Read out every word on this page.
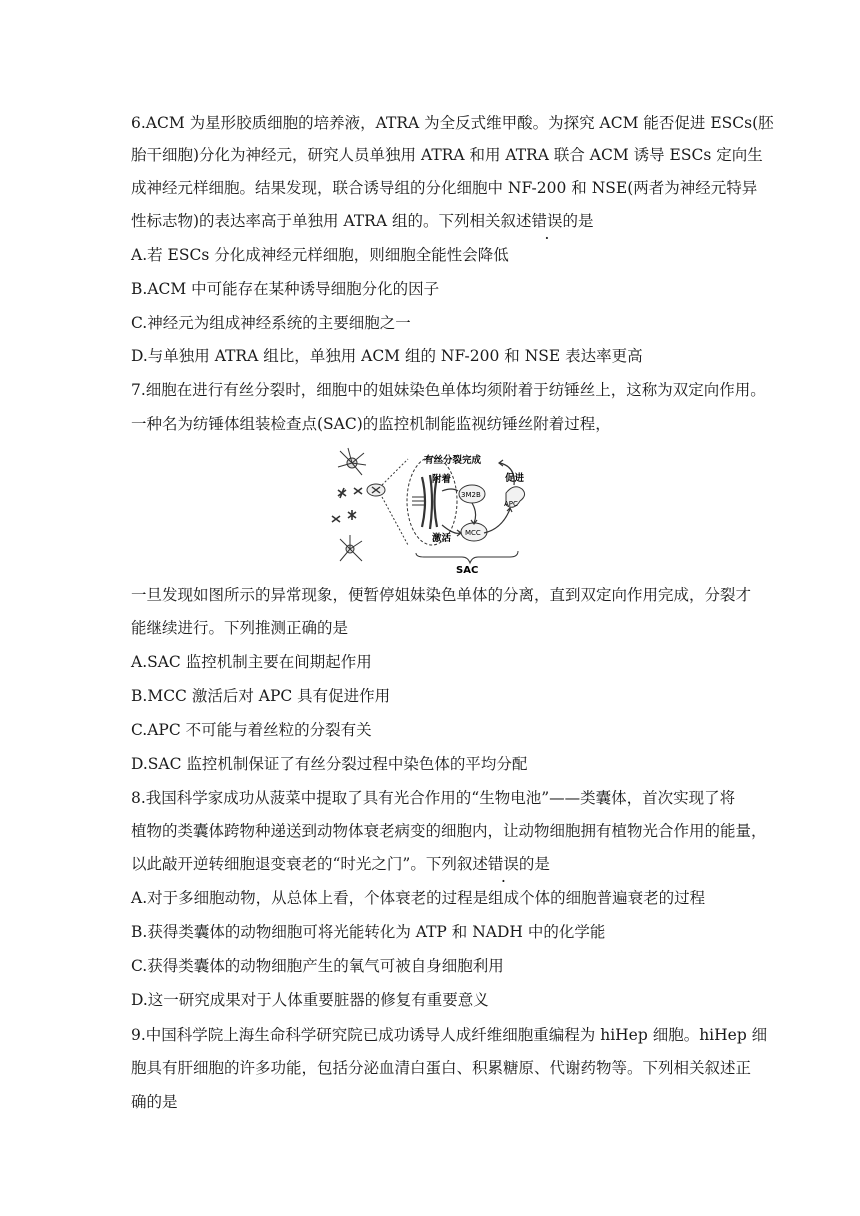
6.ACM 为星形胶质细胞的培养液，ATRA 为全反式维甲酸。为探究 ACM 能否促进 ESCs(胚
胎干细胞)分化为神经元，研究人员单独用 ATRA 和用 ATRA 联合 ACM 诱导 ESCs 定向生
成神经元样细胞。结果发现，联合诱导组的分化细胞中 NF-200 和 NSE(两者为神经元特异
性标志物)的表达率高于单独用 ATRA 组的。下列相关叙述错误的是
A.若 ESCs 分化成神经元样细胞，则细胞全能性会降低
B.ACM 中可能存在某种诱导细胞分化的因子
C.神经元为组成神经系统的主要细胞之一
D.与单独用 ATRA 组比，单独用 ACM 组的 NF-200 和 NSE 表达率更高
7.细胞在进行有丝分裂时，细胞中的姐妹染色单体均须附着于纺锤丝上，这称为双定向作用。
一种名为纺锤体组装检查点(SAC)的监控机制能监视纺锤丝附着过程，
有丝分裂完成
附着
3M2B
促进
APC
MCC
激活
SAC
一旦发现如图所示的异常现象，便暂停姐妹染色单体的分离，直到双定向作用完成，分裂才
能继续进行。下列推测正确的是
A.SAC 监控机制主要在间期起作用
B.MCC 激活后对 APC 具有促进作用
C.APC 不可能与着丝粒的分裂有关
D.SAC 监控机制保证了有丝分裂过程中染色体的平均分配
8.我国科学家成功从菠菜中提取了具有光合作用的“生物电池”——类囊体，首次实现了将
植物的类囊体跨物种递送到动物体衰老病变的细胞内，让动物细胞拥有植物光合作用的能量，
以此敲开逆转细胞退变衰老的“时光之门”。下列叙述错误的是
A.对于多细胞动物，从总体上看，个体衰老的过程是组成个体的细胞普遍衰老的过程
B.获得类囊体的动物细胞可将光能转化为 ATP 和 NADH 中的化学能
C.获得类囊体的动物细胞产生的氧气可被自身细胞利用
D.这一研究成果对于人体重要脏器的修复有重要意义
9.中国科学院上海生命科学研究院已成功诱导人成纤维细胞重编程为 hiHep 细胞。hiHep 细
胞具有肝细胞的许多功能，包括分泌血清白蛋白、积累糖原、代谢药物等。下列相关叙述正
确的是
